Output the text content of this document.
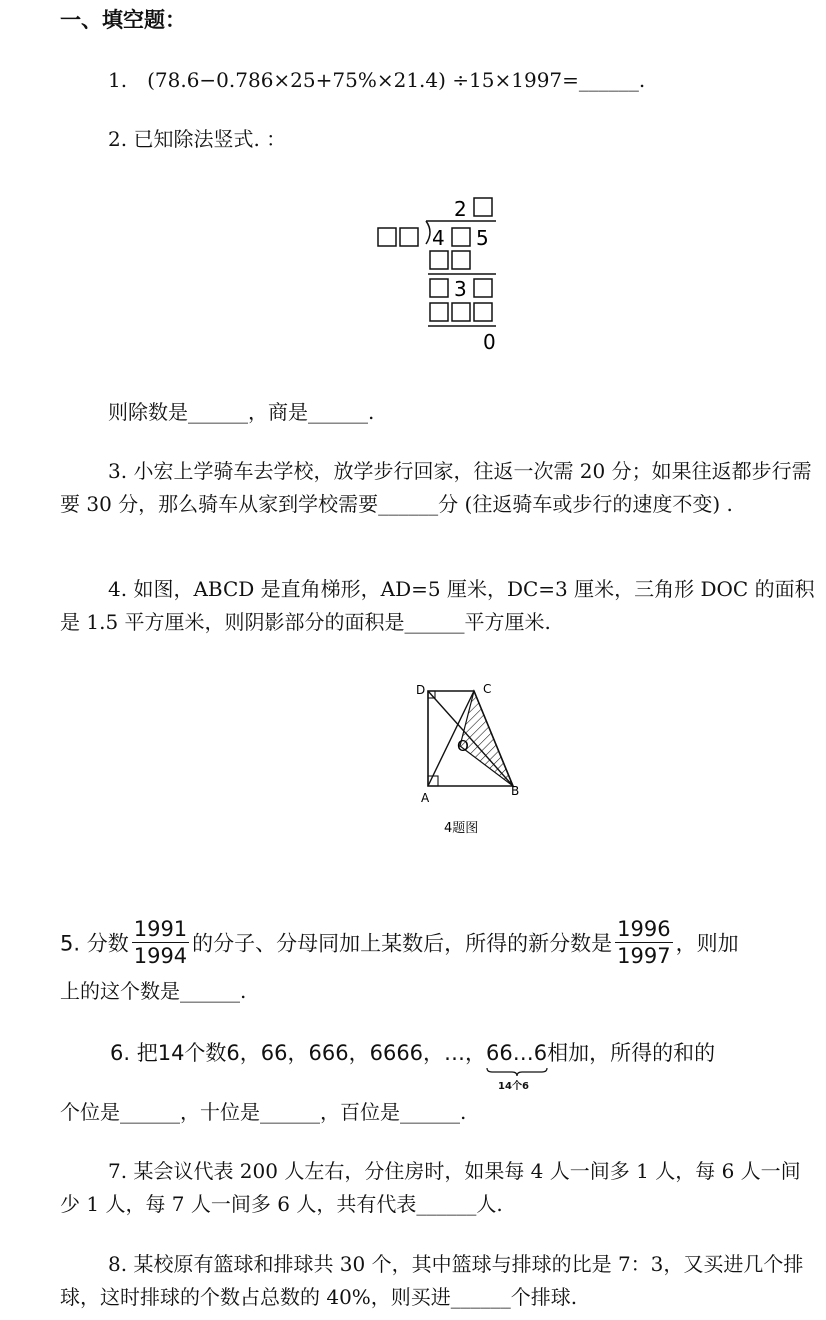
一、填空题：
1.　(78.6−0.786×25+75%×21.4) ÷15×1997=______.
2. 已知除法竖式. ：
2
4 5
3
0
则除数是______，商是______.
3. 小宏上学骑车去学校，放学步行回家，往返一次需 20 分；如果往返都步行需要 30 分，那么骑车从家到学校需要______分 (往返骑车或步行的速度不变) .
4. 如图，ABCD 是直角梯形，AD=5 厘米，DC=3 厘米，三角形 DOC 的面积是 1.5 平方厘米，则阴影部分的面积是______平方厘米.
D	C
O
A	B
4题图
5. 分数 $\frac{1991}{1994}$ 的分子、分母同加上某数后，所得的新分数是 $\frac{1996}{1997}$ ，则加
上的这个数是______.
6. 把14个数6，66，666，6666，…，66…6
14个6
相加，所得的和的
个位是______，十位是______，百位是______.
7. 某会议代表 200 人左右，分住房时，如果每 4 人一间多 1 人，每 6 人一间少 1 人，每 7 人一间多 6 人，共有代表______人.
8. 某校原有篮球和排球共 30 个，其中篮球与排球的比是 7：3，又买进几个排球，这时排球的个数占总数的 40%，则买进______个排球.
